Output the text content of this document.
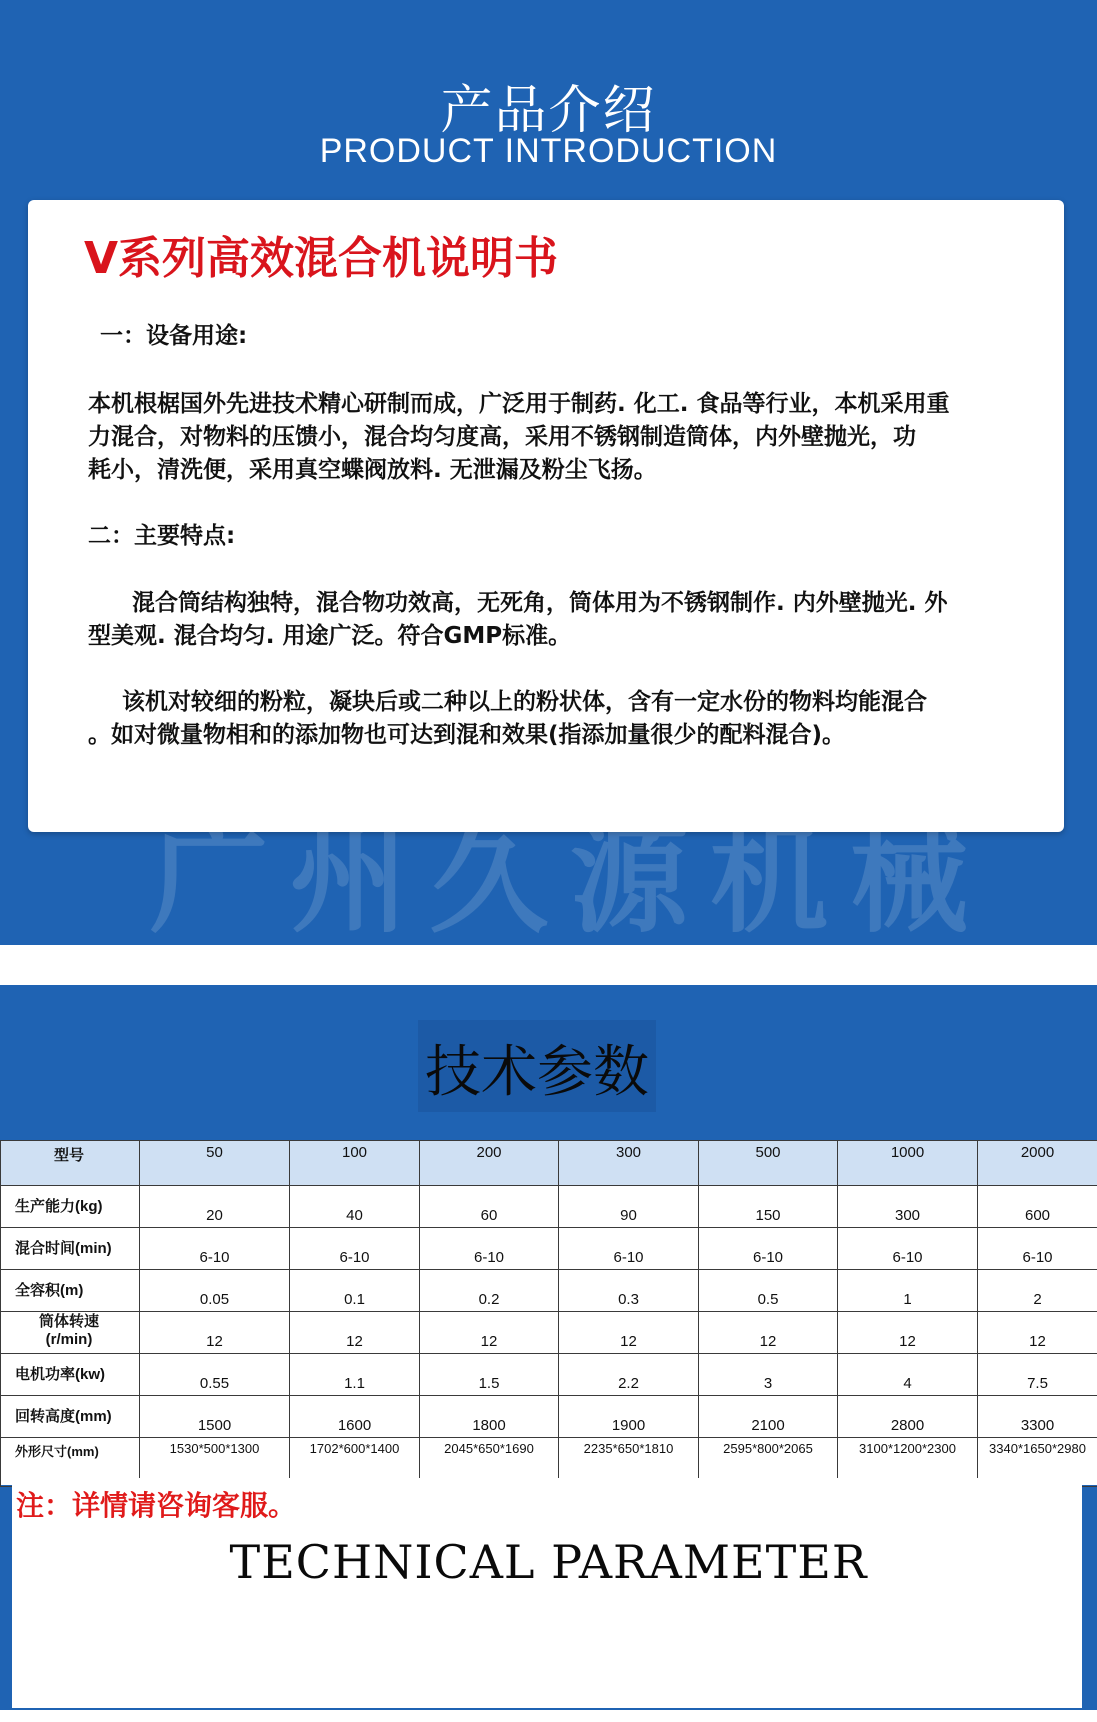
产品介绍
PRODUCT INTRODUCTION
V系列高效混合机说明书
一：设备用途:
本机根椐国外先进技术精心研制而成，广泛用于制药. 化工. 食品等行业，本机采用重
力混合，对物料的压馈小，混合均匀度高，采用不锈钢制造筒体，内外壁抛光，功
耗小，清洗便，采用真空蝶阀放料. 无泄漏及粉尘飞扬。
二：主要特点:
混合筒结构独特，混合物功效高，无死角，筒体用为不锈钢制作. 内外壁抛光. 外
型美观. 混合均匀. 用途广泛。符合GMP标准。
该机对较细的粉粒，凝块后或二种以上的粉状体，含有一定水份的物料均能混合
。如对微量物相和的添加物也可达到混和效果(指添加量很少的配料混合)。
广州久源机械
技术参数
型号	50	100	200	300	500	1000	2000
生产能力(kg)	20	40	60	90	150	300	600
混合时间(min)	6-10	6-10	6-10	6-10	6-10	6-10	6-10
全容积(m)	0.05	0.1	0.2	0.3	0.5	1	2
筒体转速
(r/min)	12	12	12	12	12	12	12
电机功率(kw)	0.55	1.1	1.5	2.2	3	4	7.5
回转高度(mm)	1500	1600	1800	1900	2100	2800	3300
外形尺寸(mm)	1530*500*1300	1702*600*1400	2045*650*1690	2235*650*1810	2595*800*2065	3100*1200*2300	3340*1650*2980
注：详情请咨询客服。
TECHNICAL PARAMETER
